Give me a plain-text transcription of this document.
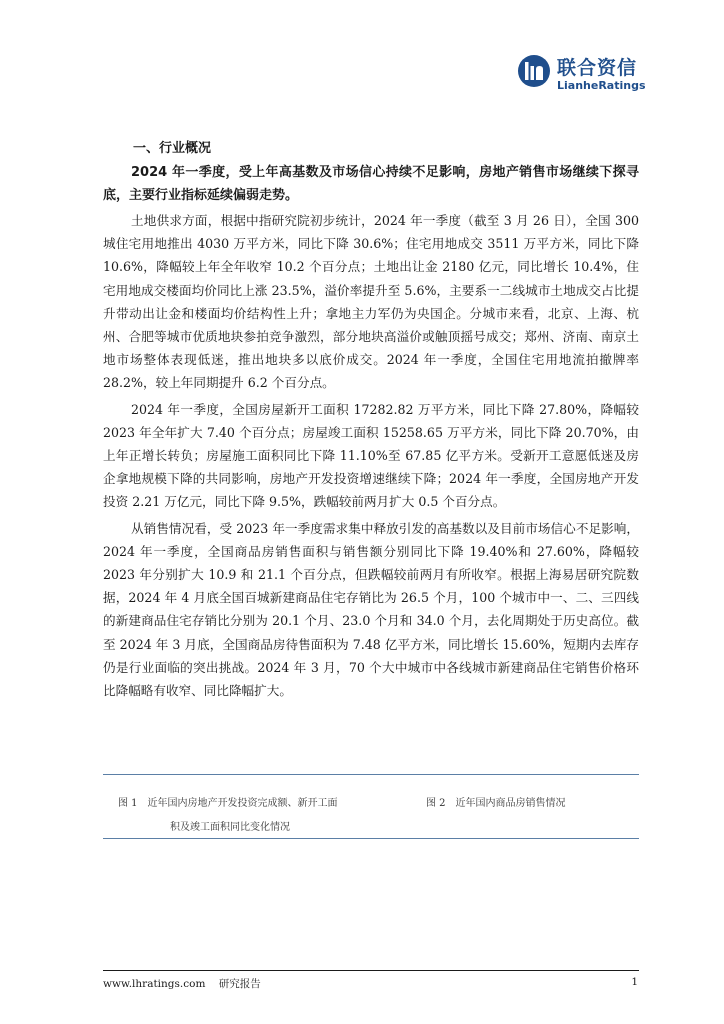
联合资信
LianheRatings
一、行业概况

2024 年一季度，受上年高基数及市场信心持续不足影响，房地产销售市场继续下探寻底，主要行业指标延续偏弱走势。

土地供求方面，根据中指研究院初步统计，2024 年一季度（截至 3 月 26 日），全国 300 城住宅用地推出 4030 万平方米，同比下降 30.6%；住宅用地成交 3511 万平方米，同比下降 10.6%，降幅较上年全年收窄 10.2 个百分点；土地出让金 2180 亿元，同比增长 10.4%，住宅用地成交楼面均价同比上涨 23.5%，溢价率提升至 5.6%，主要系一二线城市土地成交占比提升带动出让金和楼面均价结构性上升；拿地主力军仍为央国企。分城市来看，北京、上海、杭州、合肥等城市优质地块参拍竞争激烈，部分地块高溢价或触顶摇号成交；郑州、济南、南京土地市场整体表现低迷，推出地块多以底价成交。2024 年一季度，全国住宅用地流拍撤牌率 28.2%，较上年同期提升 6.2 个百分点。

2024 年一季度，全国房屋新开工面积 17282.82 万平方米，同比下降 27.80%，降幅较 2023 年全年扩大 7.40 个百分点；房屋竣工面积 15258.65 万平方米，同比下降 20.70%，由上年正增长转负；房屋施工面积同比下降 11.10%至 67.85 亿平方米。受新开工意愿低迷及房企拿地规模下降的共同影响，房地产开发投资增速继续下降；2024 年一季度，全国房地产开发投资 2.21 万亿元，同比下降 9.5%，跌幅较前两月扩大 0.5 个百分点。

从销售情况看，受 2023 年一季度需求集中释放引发的高基数以及目前市场信心不足影响，2024 年一季度，全国商品房销售面积与销售额分别同比下降 19.40%和 27.60%，降幅较 2023 年分别扩大 10.9 和 21.1 个百分点，但跌幅较前两月有所收窄。根据上海易居研究院数据，2024 年 4 月底全国百城新建商品住宅存销比为 26.5 个月，100 个城市中一、二、三四线的新建商品住宅存销比分别为 20.1 个月、23.0 个月和 34.0 个月，去化周期处于历史高位。截至 2024 年 3 月底，全国商品房待售面积为 7.48 亿平方米，同比增长 15.60%，短期内去库存仍是行业面临的突出挑战。2024 年 3 月，70 个大中城市中各线城市新建商品住宅销售价格环比降幅略有收窄、同比降幅扩大。

图 1　近年国内房地产开发投资完成额、新开工面
积及竣工面积同比变化情况
图 2　近年国内商品房销售情况
www.lhratings.com 研究报告	1
